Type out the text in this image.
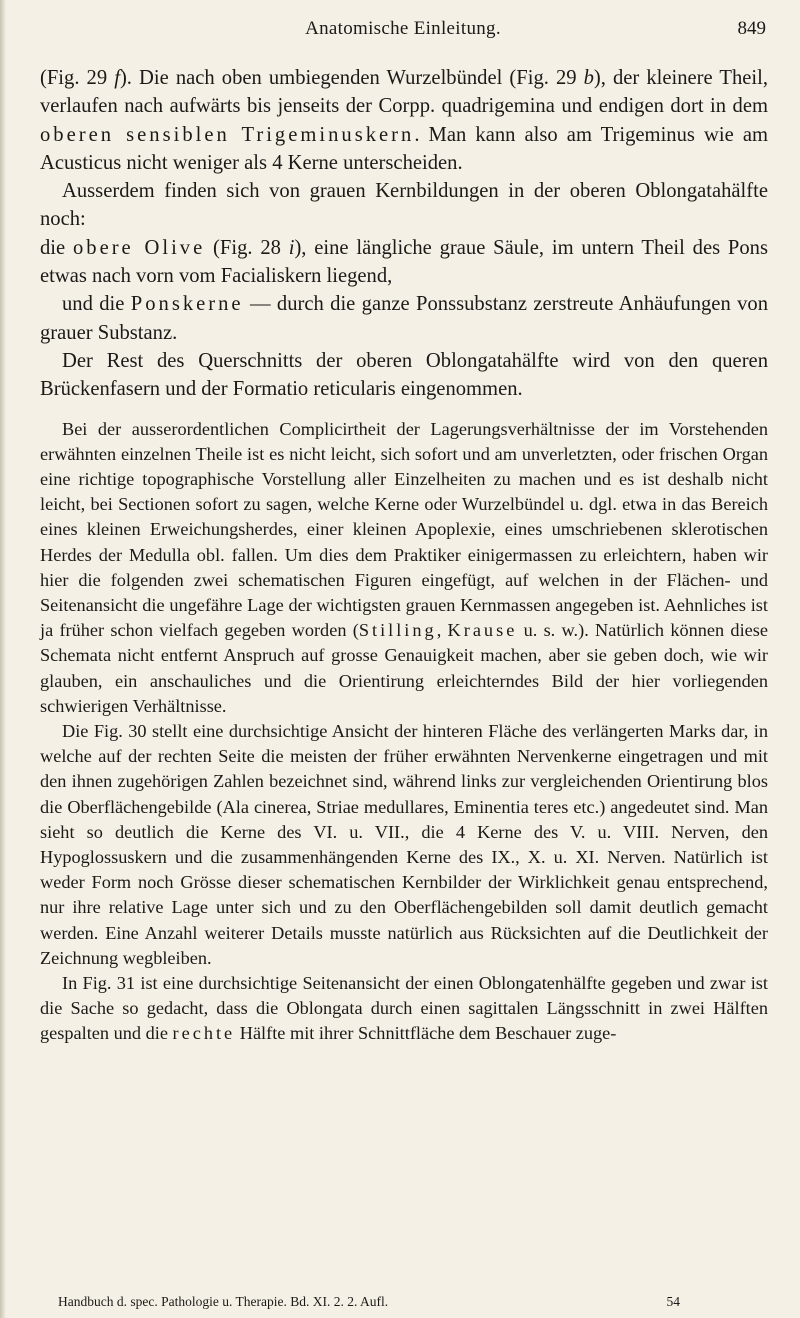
Anatomische Einleitung.	849

(Fig. 29 f). Die nach oben umbiegenden Wurzelbündel (Fig. 29 b), der kleinere Theil, verlaufen nach aufwärts bis jenseits der Corpp. quadrigemina und endigen dort in dem oberen sensiblen Trigeminuskern. Man kann also am Trigeminus wie am Acusticus nicht weniger als 4 Kerne unterscheiden.

Ausserdem finden sich von grauen Kernbildungen in der oberen Oblongatahälfte noch:

die obere Olive (Fig. 28 i), eine längliche graue Säule, im untern Theil des Pons etwas nach vorn vom Facialiskern liegend,

und die Ponskerne — durch die ganze Ponssubstanz zerstreute Anhäufungen von grauer Substanz.

Der Rest des Querschnitts der oberen Oblongatahälfte wird von den queren Brückenfasern und der Formatio reticularis eingenommen.

Bei der ausserordentlichen Complicirtheit der Lagerungsverhältnisse der im Vorstehenden erwähnten einzelnen Theile ist es nicht leicht, sich sofort und am unverletzten, oder frischen Organ eine richtige topographische Vorstellung aller Einzelheiten zu machen und es ist deshalb nicht leicht, bei Sectionen sofort zu sagen, welche Kerne oder Wurzelbündel u. dgl. etwa in das Bereich eines kleinen Erweichungsherdes, einer kleinen Apoplexie, eines umschriebenen sklerotischen Herdes der Medulla obl. fallen. Um dies dem Praktiker einigermassen zu erleichtern, haben wir hier die folgenden zwei schematischen Figuren eingefügt, auf welchen in der Flächen- und Seitenansicht die ungefähre Lage der wichtigsten grauen Kernmassen angegeben ist. Aehnliches ist ja früher schon vielfach gegeben worden (Stilling, Krause u. s. w.). Natürlich können diese Schemata nicht entfernt Anspruch auf grosse Genauigkeit machen, aber sie geben doch, wie wir glauben, ein anschauliches und die Orientirung erleichterndes Bild der hier vorliegenden schwierigen Verhältnisse.

Die Fig. 30 stellt eine durchsichtige Ansicht der hinteren Fläche des verlängerten Marks dar, in welche auf der rechten Seite die meisten der früher erwähnten Nervenkerne eingetragen und mit den ihnen zugehörigen Zahlen bezeichnet sind, während links zur vergleichenden Orientirung blos die Oberflächengebilde (Ala cinerea, Striae medullares, Eminentia teres etc.) angedeutet sind. Man sieht so deutlich die Kerne des VI. u. VII., die 4 Kerne des V. u. VIII. Nerven, den Hypoglossuskern und die zusammenhängenden Kerne des IX., X. u. XI. Nerven. Natürlich ist weder Form noch Grösse dieser schematischen Kernbilder der Wirklichkeit genau entsprechend, nur ihre relative Lage unter sich und zu den Oberflächengebilden soll damit deutlich gemacht werden. Eine Anzahl weiterer Details musste natürlich aus Rücksichten auf die Deutlichkeit der Zeichnung wegbleiben.

In Fig. 31 ist eine durchsichtige Seitenansicht der einen Oblongatenhälfte gegeben und zwar ist die Sache so gedacht, dass die Oblongata durch einen sagittalen Längsschnitt in zwei Hälften gespalten und die rechte Hälfte mit ihrer Schnittfläche dem Beschauer zuge-

Handbuch d. spec. Pathologie u. Therapie. Bd. XI. 2. 2. Aufl.	54
